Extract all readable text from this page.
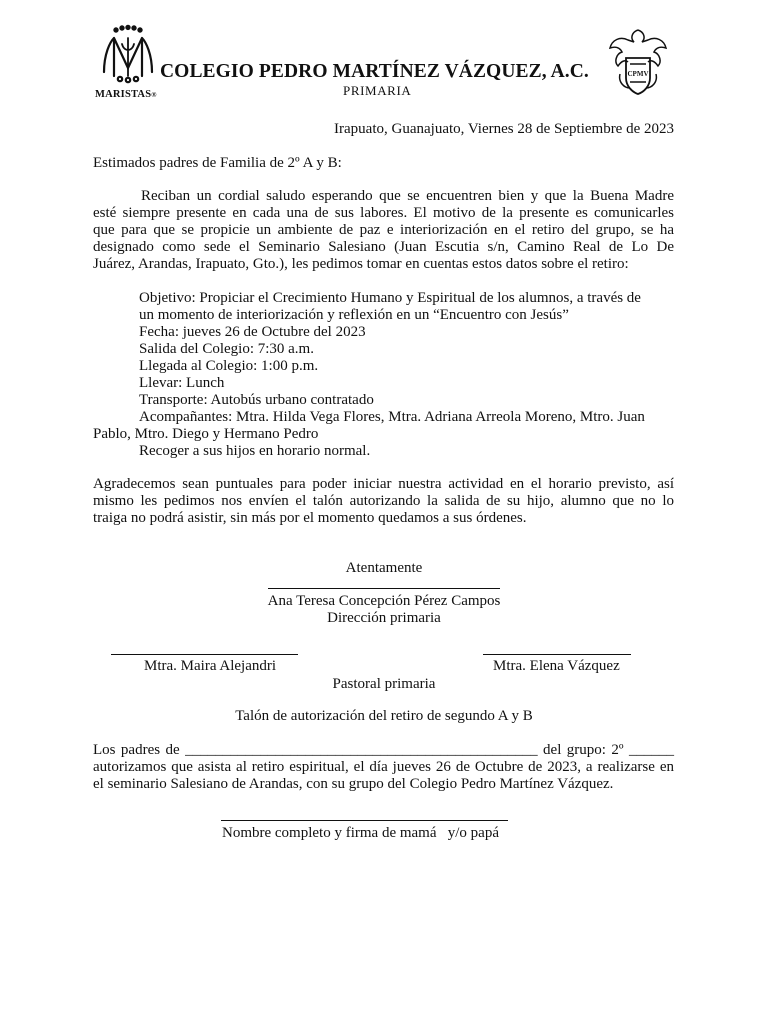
MARISTAS®
COLEGIO PEDRO MARTÍNEZ VÁZQUEZ, A.C.
PRIMARIA
CPMV
Irapuato, Guanajuato, Viernes 28 de Septiembre de 2023
Estimados padres de Familia de 2º A y B:
Reciban un cordial saludo esperando que se encuentren bien y que la Buena Madre
esté siempre presente en cada una de sus labores. El motivo de la presente es comunicarles
que para que se propicie un ambiente de paz e interiorización en el retiro del grupo, se ha
designado como sede el Seminario Salesiano (Juan Escutia s/n, Camino Real de Lo De
Juárez, Arandas, Irapuato, Gto.), les pedimos tomar en cuentas estos datos sobre el retiro:
Objetivo: Propiciar el Crecimiento Humano y Espiritual de los alumnos, a través de
un momento de interiorización y reflexión en un “Encuentro con Jesús”
Fecha: jueves 26 de Octubre del 2023
Salida del Colegio: 7:30 a.m.
Llegada al Colegio: 1:00 p.m.
Llevar: Lunch
Transporte: Autobús urbano contratado
Acompañantes: Mtra. Hilda Vega Flores, Mtra. Adriana Arreola Moreno, Mtro. Juan
Pablo, Mtro. Diego y Hermano Pedro
Recoger a sus hijos en horario normal.
Agradecemos sean puntuales para poder iniciar nuestra actividad en el horario previsto, así
mismo les pedimos nos envíen el talón autorizando la salida de su hijo, alumno que no lo
traiga no podrá asistir, sin más por el momento quedamos a sus órdenes.
Atentamente
Ana Teresa Concepción Pérez Campos
Dirección primaria
Mtra. Maira Alejandri	Mtra. Elena Vázquez
Pastoral primaria
Talón de autorización del retiro de segundo A y B
Los padres de _______________________________________________ del grupo: 2º ______
autorizamos que asista al retiro espiritual, el día jueves 26 de Octubre de 2023, a realizarse en
el seminario Salesiano de Arandas, con su grupo del Colegio Pedro Martínez Vázquez.
Nombre completo y firma de mamá   y/o papá
